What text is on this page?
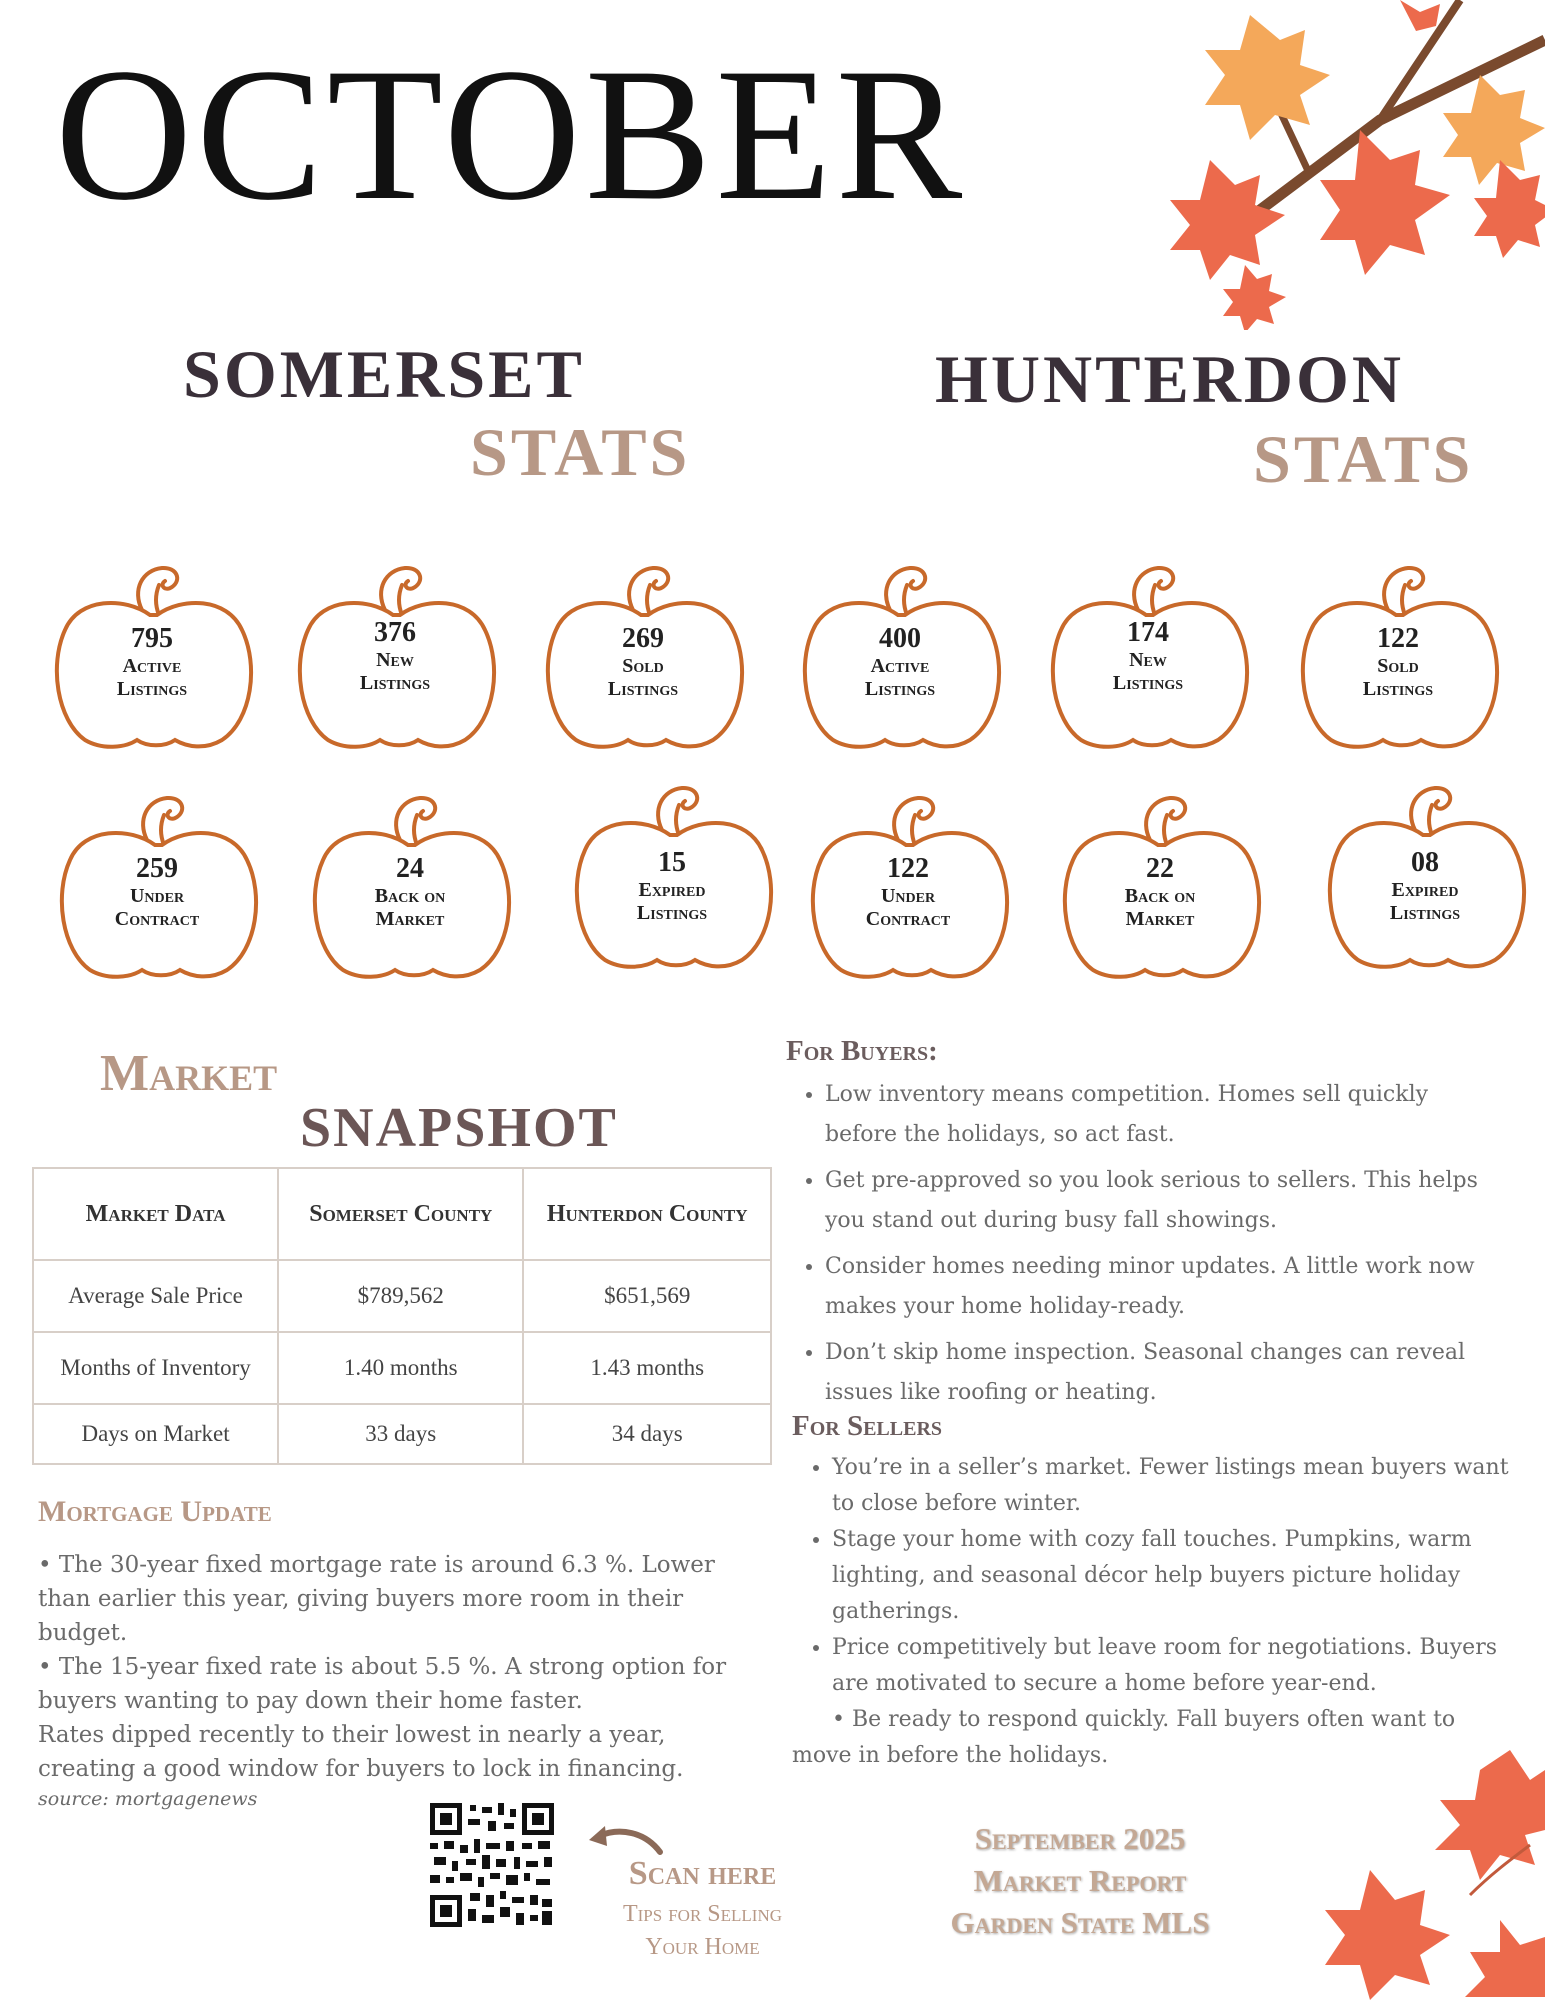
OCTOBER
SOMERSET
STATS
HUNTERDON
STATS
795
Active
Listings
376
New
Listings
269
Sold
Listings
259
Under
Contract
24
Back on
Market
15
Expired
Listings
400
Active
Listings
174
New
Listings
122
Sold
Listings
122
Under
Contract
22
Back on
Market
08
Expired
Listings
Market
SNAPSHOT
Market Data	Somerset County	Hunterdon County
Average Sale Price	$789,562	$651,569
Months of Inventory	1.40 months	1.43 months
Days on Market	33 days	34 days
Mortgage Update
• The 30-year fixed mortgage rate is around 6.3 %. Lower than earlier this year, giving buyers more room in their budget.
• The 15-year fixed rate is about 5.5 %. A strong option for buyers wanting to pay down their home faster.
Rates dipped recently to their lowest in nearly a year, creating a good window for buyers to lock in financing.
source: mortgagenews
For Buyers:
• Low inventory means competition. Homes sell quickly before the holidays, so act fast.
• Get pre-approved so you look serious to sellers. This helps you stand out during busy fall showings.
• Consider homes needing minor updates. A little work now makes your home holiday-ready.
• Don’t skip home inspection. Seasonal changes can reveal issues like roofing or heating.
For Sellers
• You’re in a seller’s market. Fewer listings mean buyers want to close before winter.
• Stage your home with cozy fall touches. Pumpkins, warm lighting, and seasonal décor help buyers picture holiday gatherings.
• Price competitively but leave room for negotiations. Buyers are motivated to secure a home before year-end.
• Be ready to respond quickly. Fall buyers often want to move in before the holidays.
Scan here
Tips for Selling
Your Home
September 2025
Market Report
Garden State MLS
